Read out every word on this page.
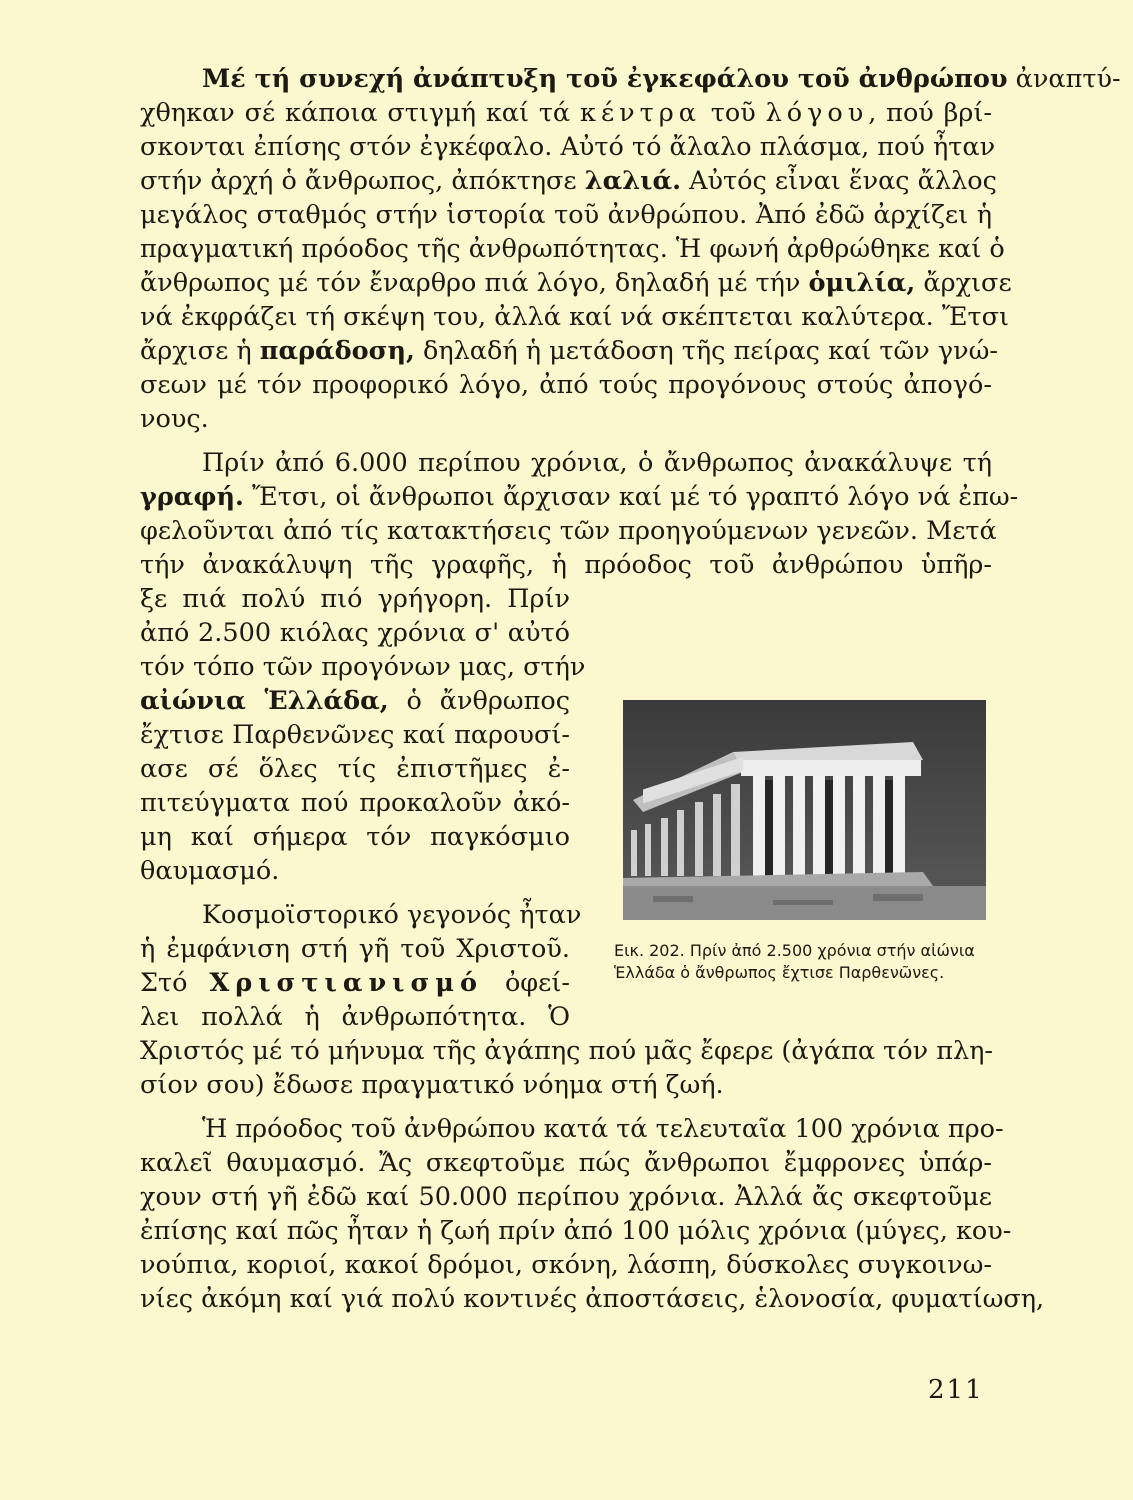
Μέ τή συνεχή ἀνάπτυξη τοῦ ἐγκεφάλου τοῦ ἀνθρώπου ἀναπτύ-
χθηκαν σέ κάποια στιγμή καί τά κέντρα τοῦ λόγου, πού βρί-
σκονται ἐπίσης στόν ἐγκέφαλο. Αὐτό τό ἄλαλο πλάσμα, πού ἦταν
στήν ἀρχή ὁ ἄνθρωπος, ἀπόκτησε λαλιά. Αὐτός εἶναι ἕνας ἄλλος
μεγάλος σταθμός στήν ἱστορία τοῦ ἀνθρώπου. Ἀπό ἐδῶ ἀρχίζει ἡ
πραγματική πρόοδος τῆς ἀνθρωπότητας. Ἡ φωνή ἀρθρώθηκε καί ὁ
ἄνθρωπος μέ τόν ἔναρθρο πιά λόγο, δηλαδή μέ τήν ὁμιλία, ἄρχισε
νά ἐκφράζει τή σκέψη του, ἀλλά καί νά σκέπτεται καλύτερα. Ἔτσι
ἄρχισε ἡ παράδοση, δηλαδή ἡ μετάδοση τῆς πείρας καί τῶν γνώ-
σεων μέ τόν προφορικό λόγο, ἀπό τούς προγόνους στούς ἀπογό-
νους.
Πρίν ἀπό 6.000 περίπου χρόνια, ὁ ἄνθρωπος ἀνακάλυψε τή
γραφή. Ἔτσι, οἱ ἄνθρωποι ἄρχισαν καί μέ τό γραπτό λόγο νά ἐπω-
φελοῦνται ἀπό τίς κατακτήσεις τῶν προηγούμενων γενεῶν. Μετά
τήν ἀνακάλυψη τῆς γραφῆς, ἡ πρόοδος τοῦ ἀνθρώπου ὑπῆρ-
ξε πιά πολύ πιό γρήγορη. Πρίν
ἀπό 2.500 κιόλας χρόνια σ' αὐτό
τόν τόπο τῶν προγόνων μας, στήν
αἰώνια Ἑλλάδα, ὁ ἄνθρωπος
ἔχτισε Παρθενῶνες καί παρουσί-
ασε σέ ὅλες τίς ἐπιστῆμες ἐ-
πιτεύγματα πού προκαλοῦν ἀκό-
μη καί σήμερα τόν παγκόσμιο
θαυμασμό.
Κοσμοϊστορικό γεγονός ἦταν
ἡ ἐμφάνιση στή γῆ τοῦ Χριστοῦ.
Στό Χριστιανισμό ὀφεί-
λει πολλά ἡ ἀνθρωπότητα. Ὁ
Χριστός μέ τό μήνυμα τῆς ἀγάπης πού μᾶς ἔφερε (ἀγάπα τόν πλη-
σίον σου) ἔδωσε πραγματικό νόημα στή ζωή.
Ἡ πρόοδος τοῦ ἀνθρώπου κατά τά τελευταῖα 100 χρόνια προ-
καλεῖ θαυμασμό. Ἄς σκεφτοῦμε πώς ἄνθρωποι ἔμφρονες ὑπάρ-
χουν στή γῆ ἐδῶ καί 50.000 περίπου χρόνια. Ἀλλά ἄς σκεφτοῦμε
ἐπίσης καί πῶς ἦταν ἡ ζωή πρίν ἀπό 100 μόλις χρόνια (μύγες, κου-
νούπια, κοριοί, κακοί δρόμοι, σκόνη, λάσπη, δύσκολες συγκοινω-
νίες ἀκόμη καί γιά πολύ κοντινές ἀποστάσεις, ἑλονοσία, φυματίωση,
Εικ. 202. Πρίν ἀπό 2.500 χρόνια στήν αἰώνια Ἑλλάδα ὁ ἄνθρωπος ἔχτισε Παρθενῶνες.
211
